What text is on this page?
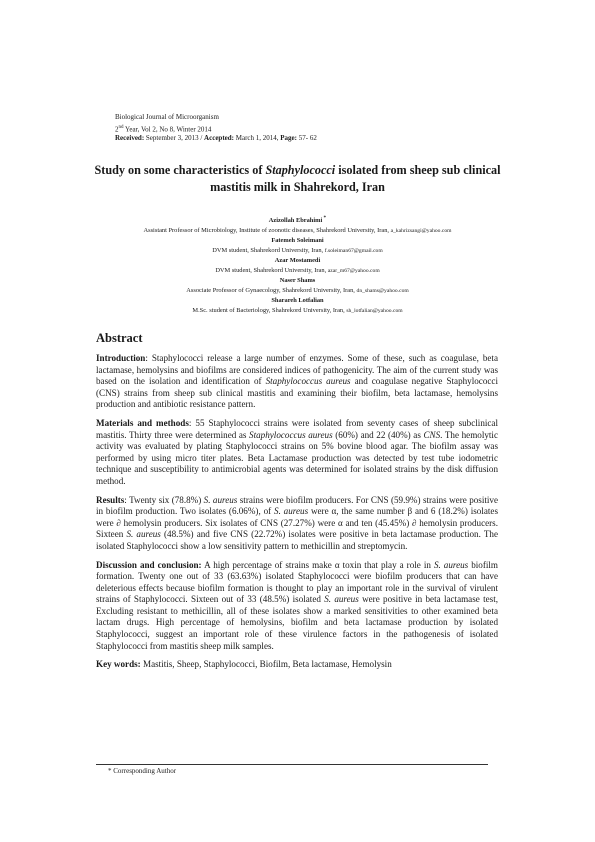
Biological Journal of Microorganism
2nd Year, Vol 2, No 8, Winter 2014
Received: September 3, 2013 / Accepted: March 1, 2014, Page: 57- 62
Study on some characteristics of Staphylococci isolated from sheep sub clinical mastitis milk in Shahrekord, Iran
Azizollah Ebrahimi *
Assistant Professor of Microbiology, Institute of zoonotic diseases, Shahrekord University, Iran, a_kahrizsangi@yahoo.com
Fatemeh Soleimani
DVM student, Shahrekord University, Iran, f.soleiman67@gmail.com
Azar Mostamedi
DVM student, Shahrekord University, Iran, azar_m67@yahoo.com
Naser Shams
Associate Professor of Gynaecology, Shahrekord University, Iran, dn_shams@yahoo.com
Sharareh Lotfalian
M.Sc. student of Bacteriology, Shahrekord University, Iran, sh_lotfalian@yahoo.com
Abstract

Introduction: Staphylococci release a large number of enzymes. Some of these, such as coagulase, beta lactamase, hemolysins and biofilms are considered indices of pathogenicity. The aim of the current study was based on the isolation and identification of Staphylococcus aureus and coagulase negative Staphylococci (CNS) strains from sheep sub clinical mastitis and examining their biofilm, beta lactamase, hemolysins production and antibiotic resistance pattern.

Materials and methods: 55 Staphylococci strains were isolated from seventy cases of sheep subclinical mastitis. Thirty three were determined as Staphylococcus aureus (60%) and 22 (40%) as CNS. The hemolytic activity was evaluated by plating Staphylococci strains on 5% bovine blood agar. The biofilm assay was performed by using micro titer plates. Beta Lactamase production was detected by test tube iodometric technique and susceptibility to antimicrobial agents was determined for isolated strains by the disk diffusion method.

Results: Twenty six (78.8%) S. aureus strains were biofilm producers. For CNS (59.9%) strains were positive in biofilm production. Two isolates (6.06%), of S. aureus were α, the same number β and 6 (18.2%) isolates were ∂ hemolysin producers. Six isolates of CNS (27.27%) were α and ten (45.45%) ∂ hemolysin producers. Sixteen S. aureus (48.5%) and five CNS (22.72%) isolates were positive in beta lactamase production. The isolated Staphylococci show a low sensitivity pattern to methicillin and streptomycin.

Discussion and conclusion: A high percentage of strains make α toxin that play a role in S. aureus biofilm formation. Twenty one out of 33 (63.63%) isolated Staphylococci were biofilm producers that can have deleterious effects because biofilm formation is thought to play an important role in the survival of virulent strains of Staphylococci. Sixteen out of 33 (48.5%) isolated S. aureus were positive in beta lactamase test, Excluding resistant to methicillin, all of these isolates show a marked sensitivities to other examined beta lactam drugs. High percentage of hemolysins, biofilm and beta lactamase production by isolated Staphylococci, suggest an important role of these virulence factors in the pathogenesis of isolated Staphylococci from mastitis sheep milk samples.

Key words: Mastitis, Sheep, Staphylococci, Biofilm, Beta lactamase, Hemolysin

* Corresponding Author
